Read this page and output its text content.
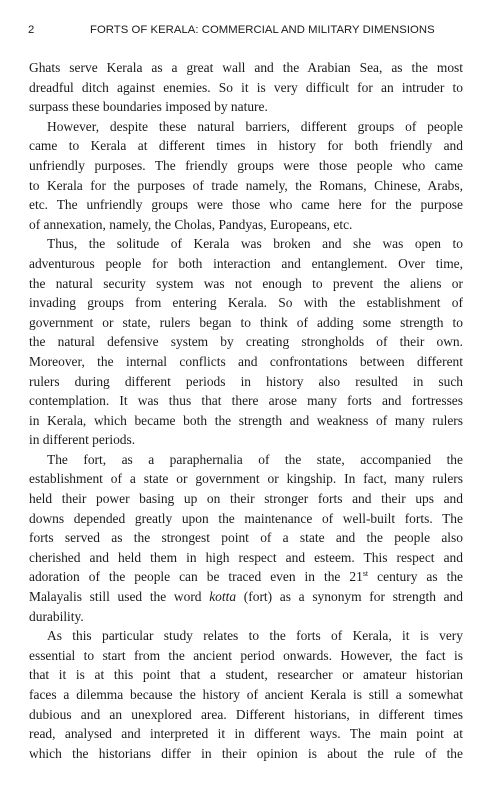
2	FORTS OF KERALA: COMMERCIAL AND MILITARY DIMENSIONS
Ghats serve Kerala as a great wall and the Arabian Sea, as the most
dreadful ditch against enemies. So it is very difficult for an intruder to
surpass these boundaries imposed by nature.
However, despite these natural barriers, different groups of people
came to Kerala at different times in history for both friendly and
unfriendly purposes. The friendly groups were those people who came
to Kerala for the purposes of trade namely, the Romans, Chinese, Arabs,
etc. The unfriendly groups were those who came here for the purpose
of annexation, namely, the Cholas, Pandyas, Europeans, etc.
Thus, the solitude of Kerala was broken and she was open to
adventurous people for both interaction and entanglement. Over time,
the natural security system was not enough to prevent the aliens or
invading groups from entering Kerala. So with the establishment of
government or state, rulers began to think of adding some strength to
the natural defensive system by creating strongholds of their own.
Moreover, the internal conflicts and confrontations between different
rulers during different periods in history also resulted in such
contemplation. It was thus that there arose many forts and fortresses
in Kerala, which became both the strength and weakness of many rulers
in different periods.
The fort, as a paraphernalia of the state, accompanied the
establishment of a state or government or kingship. In fact, many rulers
held their power basing up on their stronger forts and their ups and
downs depended greatly upon the maintenance of well-built forts. The
forts served as the strongest point of a state and the people also
cherished and held them in high respect and esteem. This respect and
adoration of the people can be traced even in the 21st century as the
Malayalis still used the word kotta (fort) as a synonym for strength and
durability.
As this particular study relates to the forts of Kerala, it is very
essential to start from the ancient period onwards. However, the fact is
that it is at this point that a student, researcher or amateur historian
faces a dilemma because the history of ancient Kerala is still a somewhat
dubious and an unexplored area. Different historians, in different times
read, analysed and interpreted it in different ways. The main point at
which the historians differ in their opinion is about the rule of the
